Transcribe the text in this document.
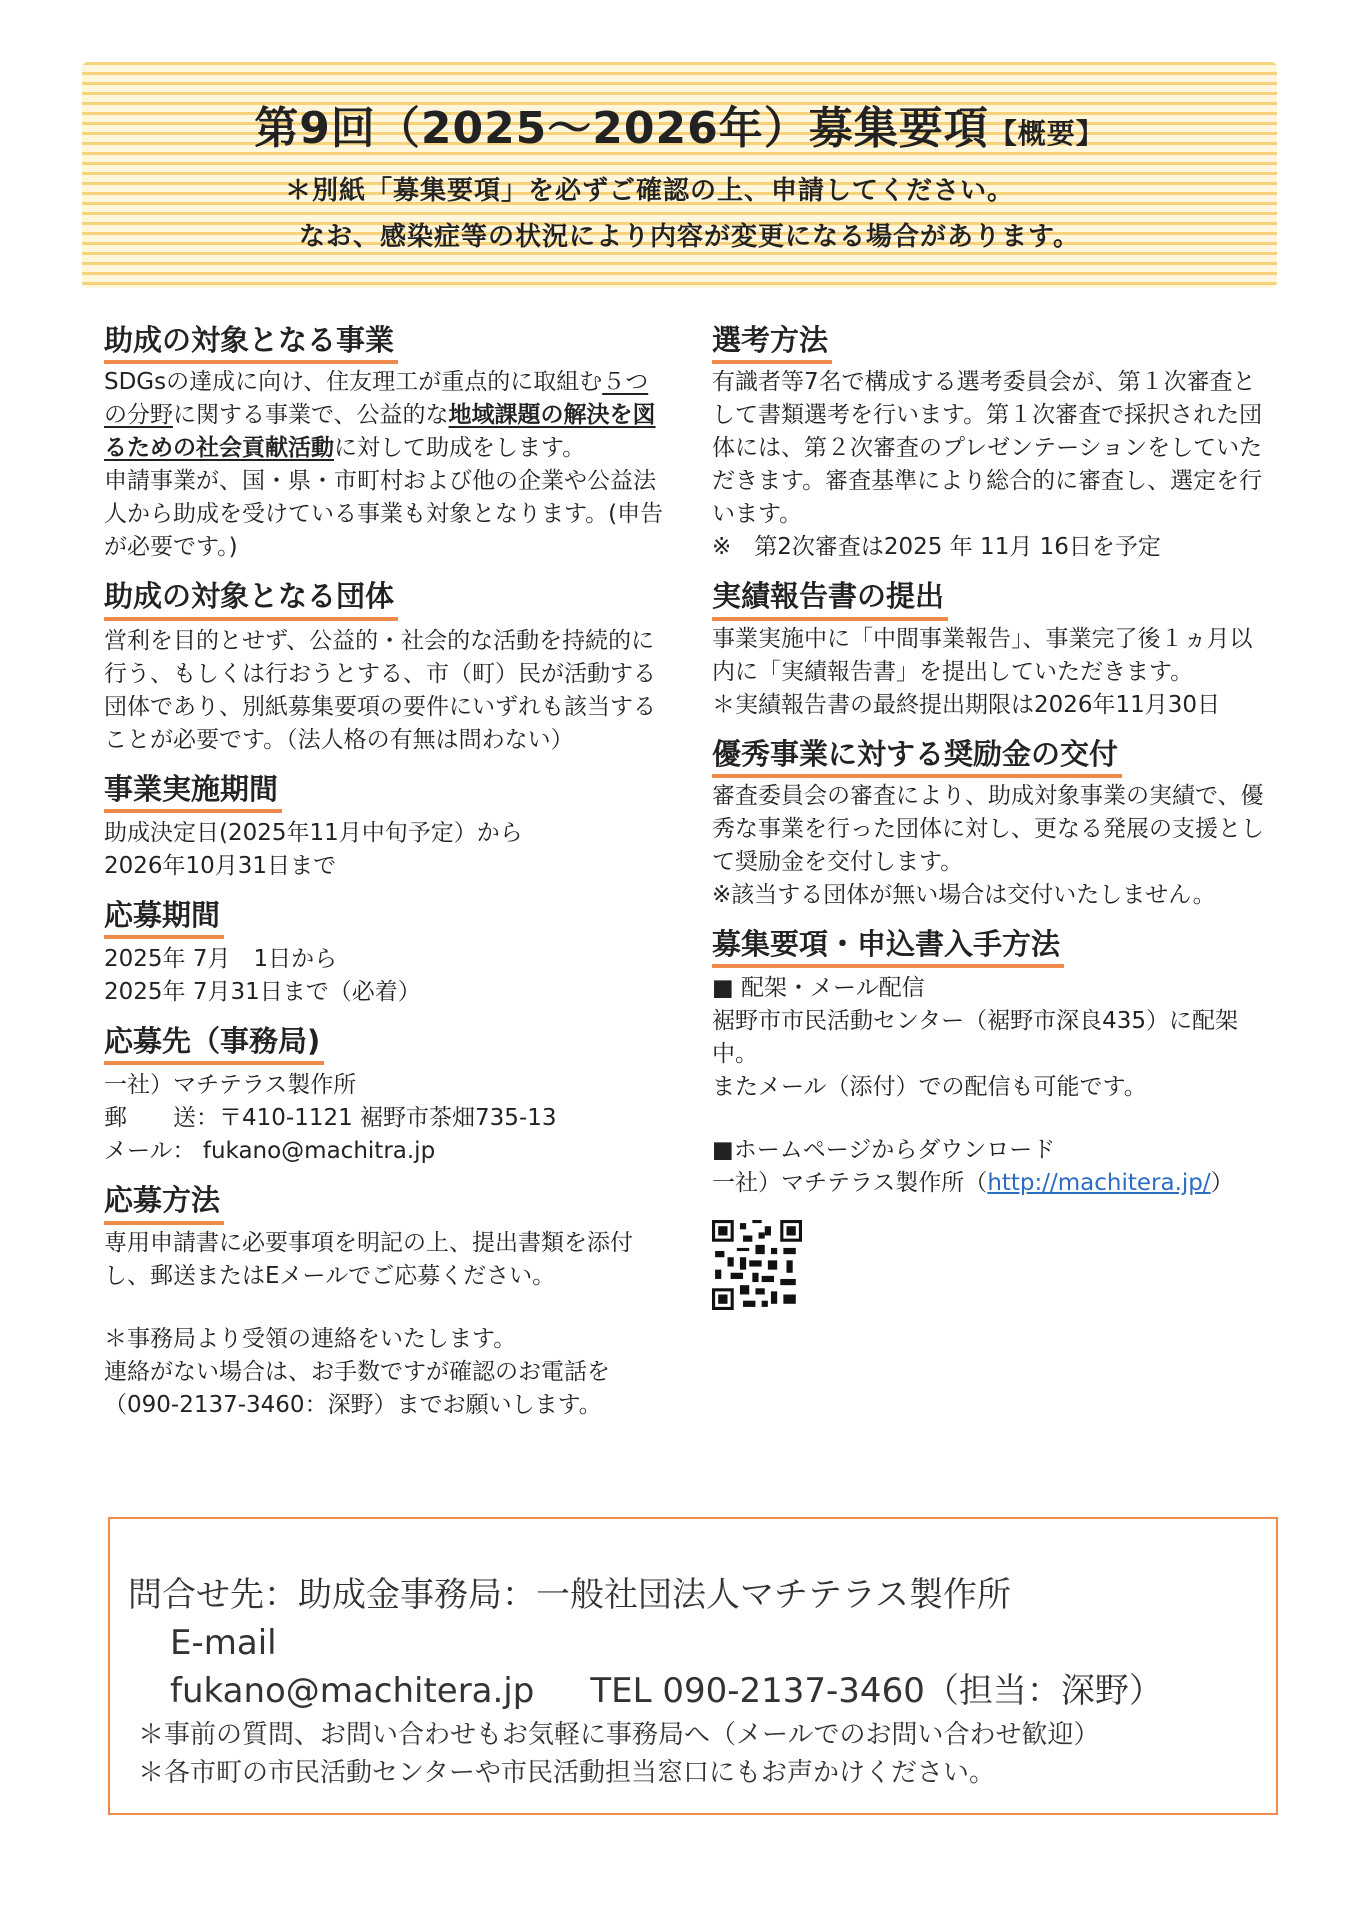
第9回（2025～2026年）募集要項【概要】
＊別紙「募集要項」を必ずご確認の上、申請してください。
なお、感染症等の状況により内容が変更になる場合があります。
助成の対象となる事業

SDGsの達成に向け、住友理工が重点的に取組む５つの分野に関する事業で、公益的な地域課題の解決を図るための社会貢献活動に対して助成をします。

申請事業が、国・県・市町村および他の企業や公益法人から助成を受けている事業も対象となります。(申告が必要です。)

助成の対象となる団体

営利を目的とせず、公益的・社会的な活動を持続的に行う、もしくは行おうとする、市（町）民が活動する団体であり、別紙募集要項の要件にいずれも該当することが必要です。（法人格の有無は問わない）

事業実施期間

助成決定日(2025年11月中旬予定）から

2026年10月31日まで

応募期間

2025年 7月　1日から

2025年 7月31日まで（必着）

応募先（事務局)

一社）マチテラス製作所

郵　　送：〒410-1121 裾野市茶畑735-13

メール： fukano@machitra.jp

応募方法

専用申請書に必要事項を明記の上、提出書類を添付し、郵送またはEメールでご応募ください。

＊事務局より受領の連絡をいたします。

連絡がない場合は、お手数ですが確認のお電話を（090-2137-3460：深野）までお願いします。

選考方法

有識者等7名で構成する選考委員会が、第１次審査として書類選考を行います。第１次審査で採択された団体には、第２次審査のプレゼンテーションをしていただきます。審査基準により総合的に審査し、選定を行います。

※　第2次審査は2025 年 11月 16日を予定

実績報告書の提出

事業実施中に「中間事業報告」、事業完了後１ヵ月以内に「実績報告書」を提出していただきます。

＊実績報告書の最終提出期限は2026年11月30日

優秀事業に対する奨励金の交付

審査委員会の審査により、助成対象事業の実績で、優秀な事業を行った団体に対し、更なる発展の支援として奨励金を交付します。

※該当する団体が無い場合は交付いたしません。

募集要項・申込書入手方法

■ 配架・メール配信

裾野市市民活動センター（裾野市深良435）に配架中。

またメール（添付）での配信も可能です。

■ホームページからダウンロード

一社）マチテラス製作所（http://machitera.jp/）

問合せ先：助成金事務局：一般社団法人マチテラス製作所
E-mail fukano@machitera.jp TEL 090-2137-3460（担当：深野）
＊事前の質問、お問い合わせもお気軽に事務局へ（メールでのお問い合わせ歓迎）
＊各市町の市民活動センターや市民活動担当窓口にもお声かけください。
